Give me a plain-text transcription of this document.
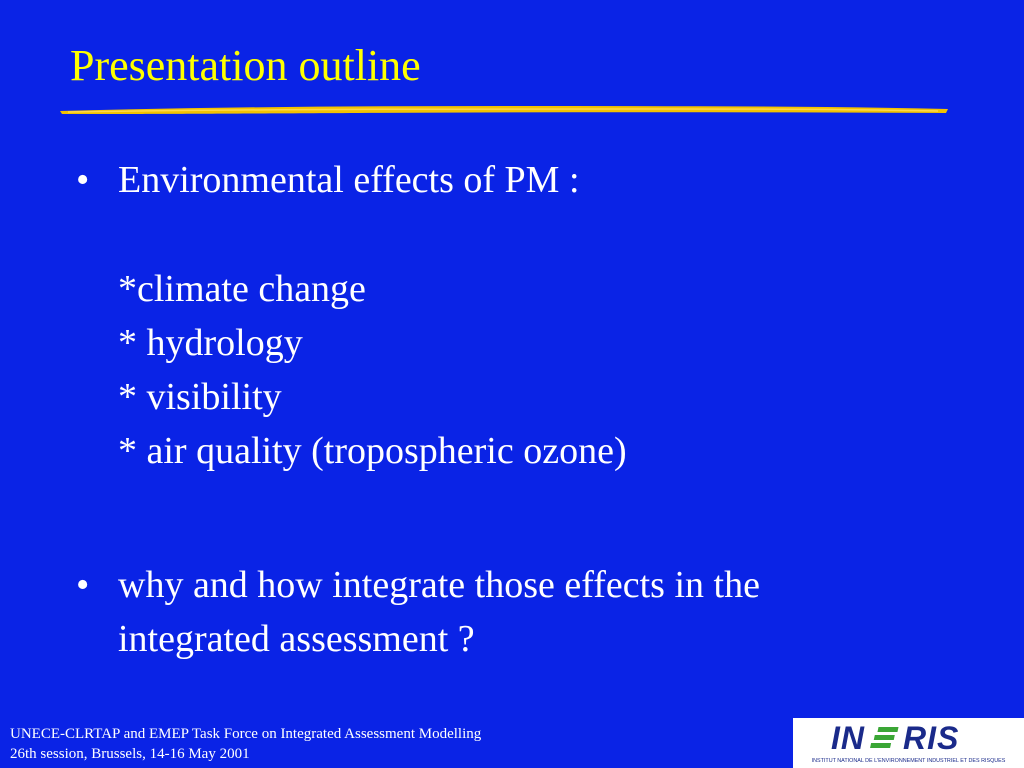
Presentation outline
• Environmental effects of PM :
*climate change
* hydrology
* visibility
* air quality (tropospheric ozone)
• why and how integrate those effects in the integrated assessment ?
UNECE-CLRTAP and EMEP Task Force on Integrated Assessment Modelling
26th session, Brussels, 14-16 May 2001	IN RIS
INSTITUT NATIONAL DE L'ENVIRONNEMENT INDUSTRIEL ET DES RISQUES
